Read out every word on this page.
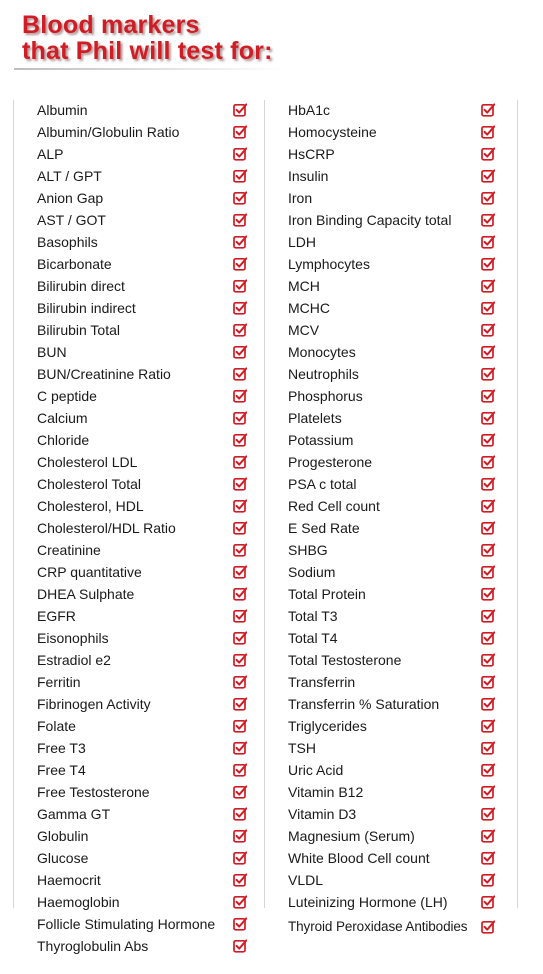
Blood markers
that Phil will test for:
Albumin
Albumin/Globulin Ratio
ALP
ALT / GPT
Anion Gap
AST / GOT
Basophils
Bicarbonate
Bilirubin direct
Bilirubin indirect
Bilirubin Total
BUN
BUN/Creatinine Ratio
C peptide
Calcium
Chloride
Cholesterol LDL
Cholesterol Total
Cholesterol, HDL
Cholesterol/HDL Ratio
Creatinine
CRP quantitative
DHEA Sulphate
EGFR
Eisonophils
Estradiol e2
Ferritin
Fibrinogen Activity
Folate
Free T3
Free T4
Free Testosterone
Gamma GT
Globulin
Glucose
Haemocrit
Haemoglobin
Follicle Stimulating Hormone
Thyroglobulin Abs
HbA1c
Homocysteine
HsCRP
Insulin
Iron
Iron Binding Capacity total
LDH
Lymphocytes
MCH
MCHC
MCV
Monocytes
Neutrophils
Phosphorus
Platelets
Potassium
Progesterone
PSA c total
Red Cell count
E Sed Rate
SHBG
Sodium
Total Protein
Total T3
Total T4
Total Testosterone
Transferrin
Transferrin % Saturation
Triglycerides
TSH
Uric Acid
Vitamin B12
Vitamin D3
Magnesium (Serum)
White Blood Cell count
VLDL
Luteinizing Hormone (LH)
Thyroid Peroxidase Antibodies
